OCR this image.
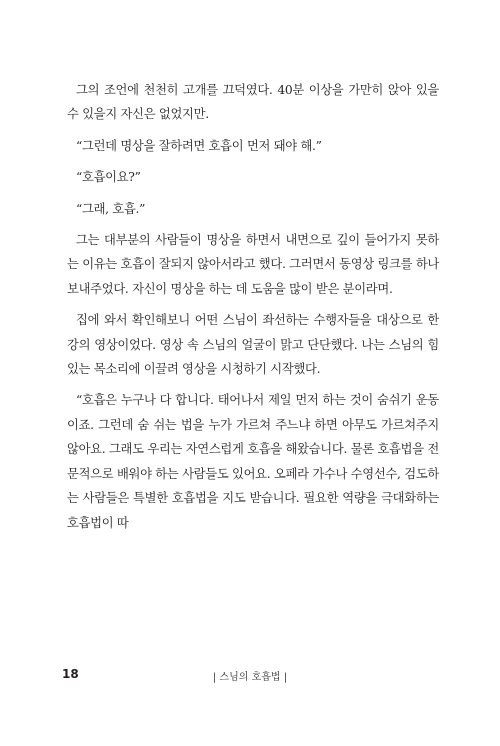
그의 조언에 천천히 고개를 끄덕였다. 40분 이상을 가만히 앉아 있을 수 있을지 자신은 없었지만.

“그런데 명상을 잘하려면 호흡이 먼저 돼야 해.”

“호흡이요?”

“그래, 호흡.”

그는 대부분의 사람들이 명상을 하면서 내면으로 깊이 들어가지 못하는 이유는 호흡이 잘되지 않아서라고 했다. 그러면서 동영상 링크를 하나 보내주었다. 자신이 명상을 하는 데 도움을 많이 받은 분이라며.

집에 와서 확인해보니 어떤 스님이 좌선하는 수행자들을 대상으로 한 강의 영상이었다. 영상 속 스님의 얼굴이 맑고 단단했다. 나는 스님의 힘 있는 목소리에 이끌려 영상을 시청하기 시작했다.

“호흡은 누구나 다 합니다. 태어나서 제일 먼저 하는 것이 숨쉬기 운동이죠. 그런데 숨 쉬는 법을 누가 가르쳐 주느냐 하면 아무도 가르쳐주지 않아요. 그래도 우리는 자연스럽게 호흡을 해왔습니다. 물론 호흡법을 전문적으로 배워야 하는 사람들도 있어요. 오페라 가수나 수영선수, 검도하는 사람들은 특별한 호흡법을 지도 받습니다. 필요한 역량을 극대화하는 호흡법이 따

18	| 스님의 호흡법 |
